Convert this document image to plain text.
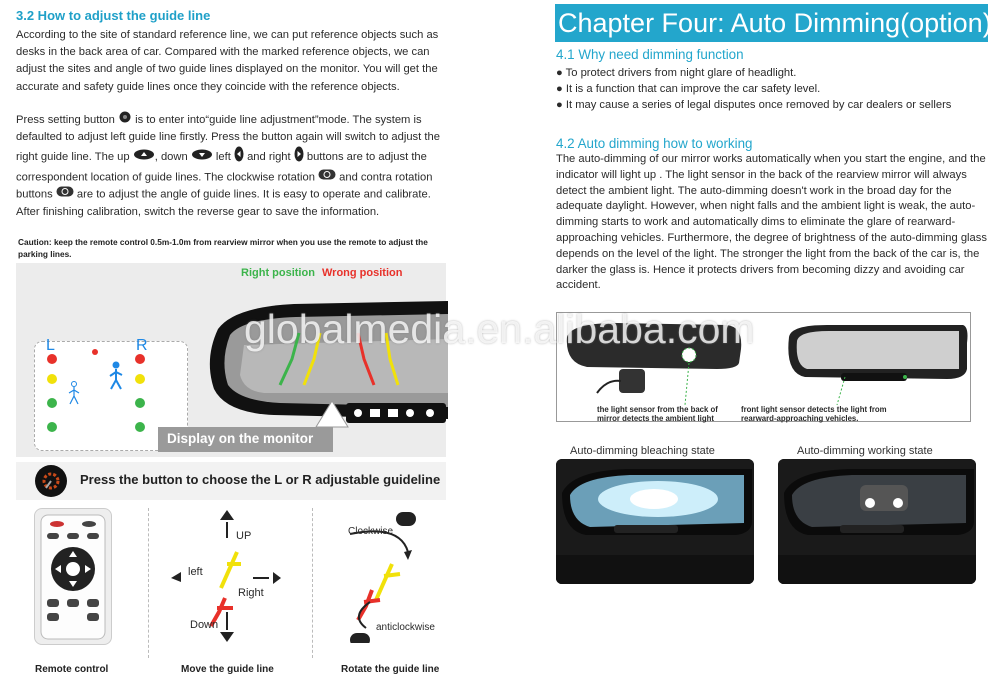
3.2 How to adjust the guide line

According to the site of standard reference line, we can put reference objects such as desks in the back area of car. Compared with the marked reference objects, we can adjust the sites and angle of two guide lines displayed on the monitor. You will get the accurate and safety guide lines once they coincide with the reference objects.

Press setting button is to enter into“guide line adjustment”mode. The system is defaulted to adjust left guide line firstly. Press the button again will switch to adjust the right guide line. The up , down	left and right buttons are to adjust the correspondent location of guide lines. The clockwise rotation and contra rotation buttons are to adjust the angle of guide lines. It is easy to operate and calibrate. After finishing calibration, switch the reverse gear to save the information.
Caution: keep the remote control 0.5m-1.0m from rearview mirror when you use the remote to adjust the parking lines.
Right position Wrong position
L	R
Display on the monitor
Press the button to choose the L or R adjustable guideline
UP
left
Right
Down
Clockwise
anticlockwise
Remote control	Move the guide line	Rotate the guide line
Chapter Four: Auto Dimming(option)
4.1 Why need dimming function
● To protect drivers from night glare of headlight.
● It is a function that can improve the car safety level.
● It may cause a series of legal disputes once removed by car dealers or sellers
4.2 Auto dimming how to working

The auto-dimming of our mirror works automatically when you start the engine, and the indicator will light up . The light sensor in the back of the rearview mirror will always detect the ambient light. The auto-dimming doesn't work in the broad day for the adequate daylight. However, when night falls and the ambient light is weak, the auto-dimming starts to work and automatically dims to eliminate the glare of rearward-approaching vehicles. Furthermore, the degree of brightness of the auto-dimming glass depends on the level of the light. The stronger the light from the back of the car is, the darker the glass is. Hence it protects drivers from becoming dizzy and avoiding car accident.

the light sensor from the back of mirror detects the ambient light
front light sensor detects the light from rearward-approaching vehicles.
Auto-dimming bleaching state	Auto-dimming working state
globalmedia.en.alibaba.com
